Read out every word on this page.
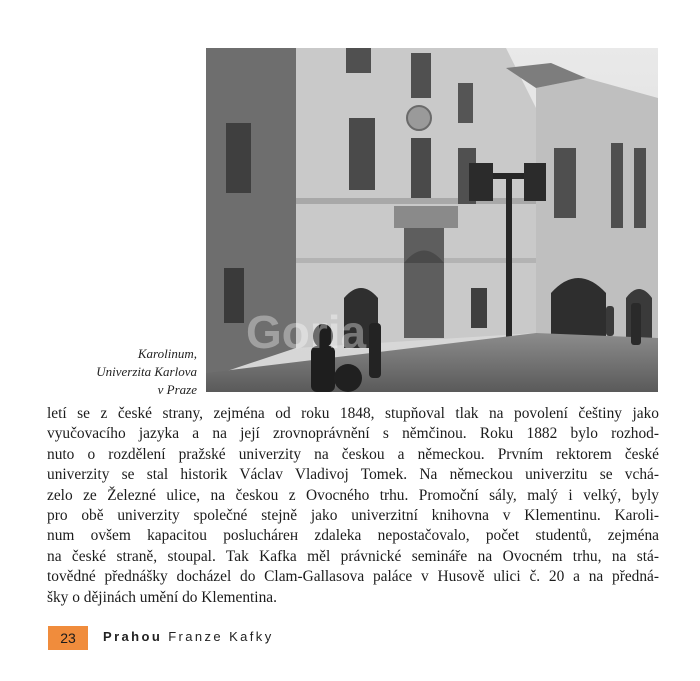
Goria
Karolinum,
Univerzita Karlova
v Praze
letí se z české strany, zejména od roku 1848, stupňoval tlak na povolení češtiny jako
vyučovacího jazyka a na její zrovnoprávnění s němčinou. Roku 1882 bylo rozhod-
nuto o rozdělení pražské univerzity na českou a německou. Prvním rektorem české
univerzity se stal historik Václav Vladivoj Tomek. Na německou univerzitu se vchá-
zelo ze Železné ulice, na českou z Ovocného trhu. Promoční sály, malý i velký, byly
pro obě univerzity společné stejně jako univerzitní knihovna v Klementinu. Karoli-
num ovšem kapacitou posluchárен zdaleka nepostačovalo, počet studentů, zejména
na české straně, stoupal. Tak Kafka měl právnické semináře na Ovocném trhu, na stá-
tovědné přednášky docházel do Clam-Gallasova paláce v Husově ulici č. 20 a na předná-
šky o dějinách umění do Klementina.
23	Prahou Franze Kafky
